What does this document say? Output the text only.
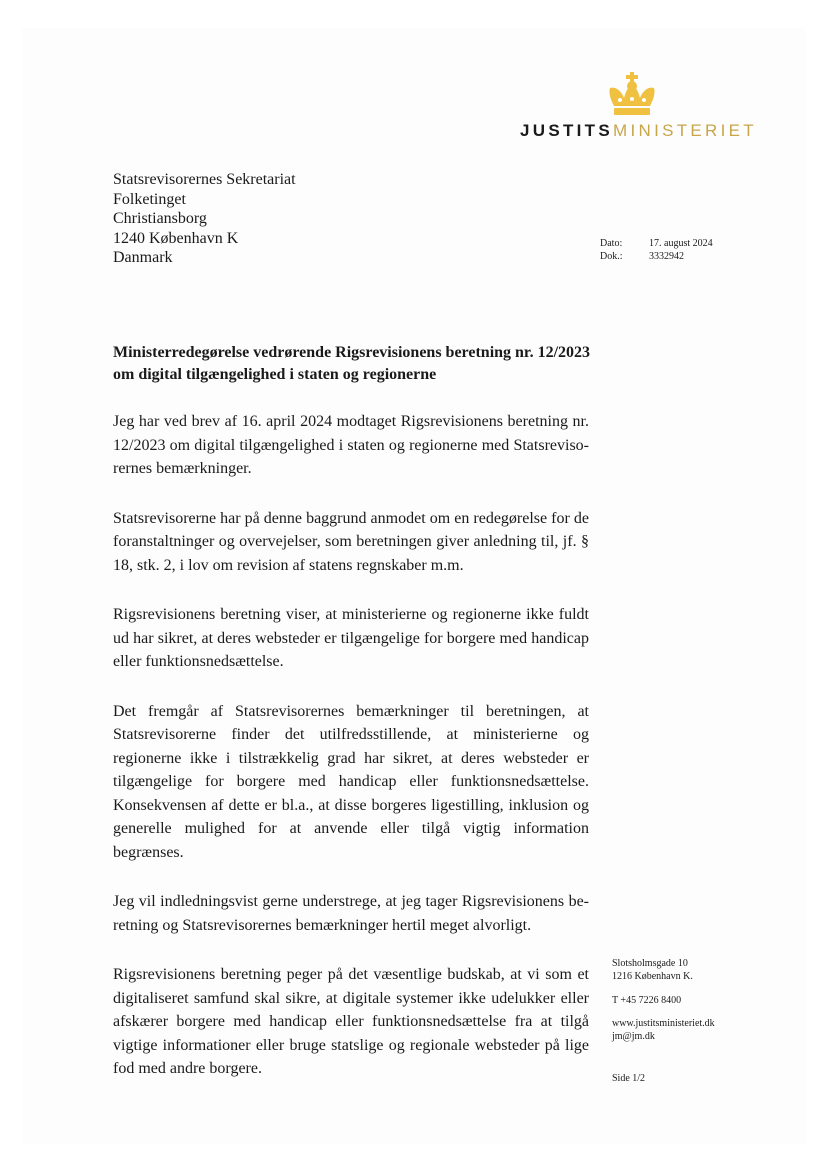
JUSTITSMINISTERIET
Statsrevisorernes Sekretariat
Folketinget
Christiansborg
1240 København K
Danmark
Dato:	17. august 2024
Dok.:	3332942
Ministerredegørelse vedrørende Rigsrevisionens beretning nr. 12/2023 om digital tilgængelighed i staten og regionerne

Jeg har ved brev af 16. april 2024 modtaget Rigsrevisionens beretning nr. 12/2023 om digital tilgængelighed i staten og regionerne med Statsrevisorernes bemærkninger.

Statsrevisorerne har på denne baggrund anmodet om en redegørelse for de foranstaltninger og overvejelser, som beretningen giver anledning til, jf. § 18, stk. 2, i lov om revision af statens regnskaber m.m.

Rigsrevisionens beretning viser, at ministerierne og regionerne ikke fuldt ud har sikret, at deres websteder er tilgængelige for borgere med handicap eller funktionsnedsættelse.

Det fremgår af Statsrevisorernes bemærkninger til beretningen, at Statsrevisorerne finder det utilfredsstillende, at ministerierne og regionerne ikke i tilstrækkelig grad har sikret, at deres websteder er tilgængelige for borgere med handicap eller funktionsnedsættelse. Konsekvensen af dette er bl.a., at disse borgeres ligestilling, inklusion og generelle mulighed for at anvende eller tilgå vigtig information begrænses.

Jeg vil indledningsvist gerne understrege, at jeg tager Rigsrevisionens beretning og Statsrevisorernes bemærkninger hertil meget alvorligt.

Rigsrevisionens beretning peger på det væsentlige budskab, at vi som et digitaliseret samfund skal sikre, at digitale systemer ikke udelukker eller afskærer borgere med handicap eller funktionsnedsættelse fra at tilgå vigtige informationer eller bruge statslige og regionale websteder på lige fod med andre borgere.

Slotsholmsgade 10
1216 København K.
T +45 7226 8400
www.justitsministeriet.dk
jm@jm.dk
Side 1/2
